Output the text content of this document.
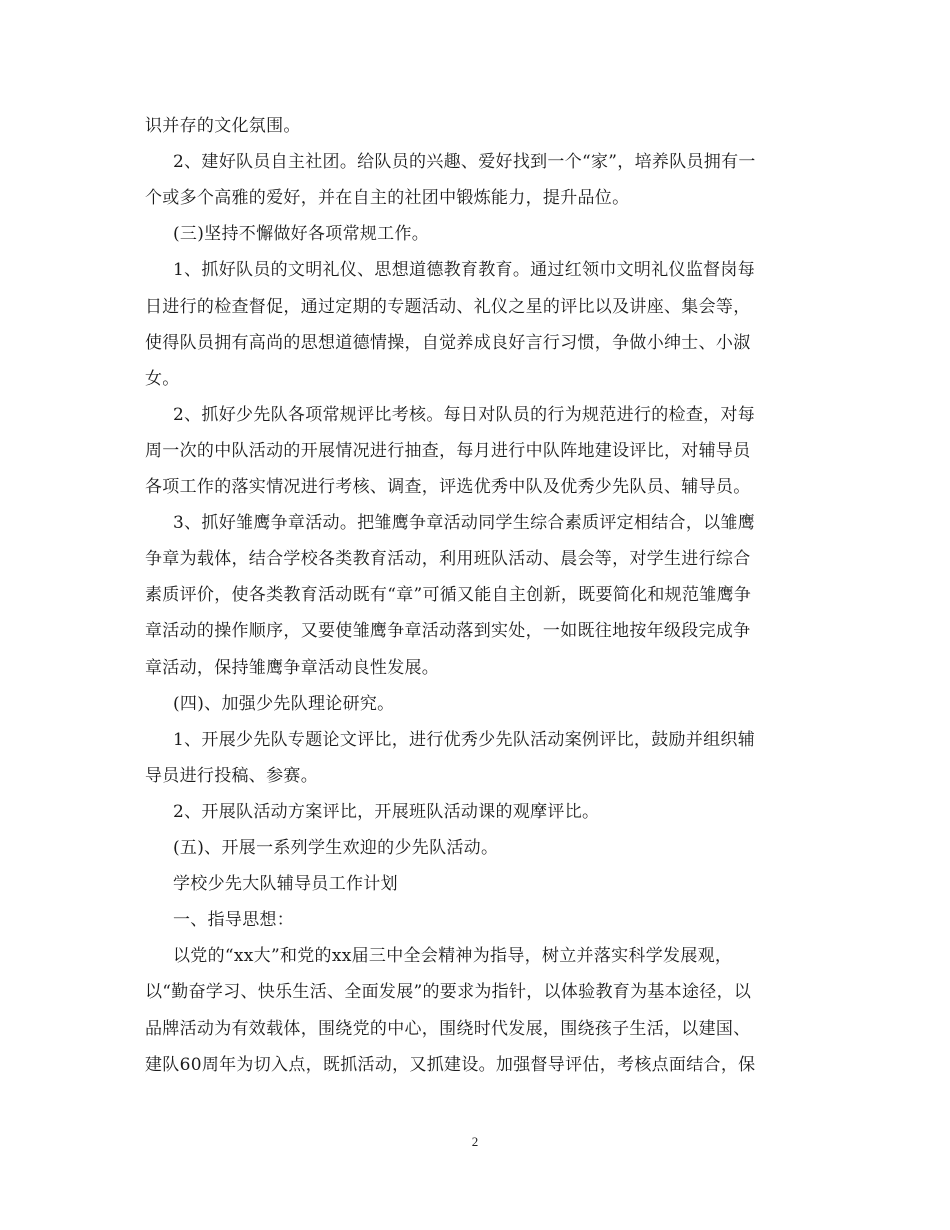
识并存的文化氛围。
2、建好队员自主社团。给队员的兴趣、爱好找到一个“家”，培养队员拥有一
个或多个高雅的爱好，并在自主的社团中锻炼能力，提升品位。
(三)坚持不懈做好各项常规工作。
1、抓好队员的文明礼仪、思想道德教育教育。通过红领巾文明礼仪监督岗每
日进行的检查督促，通过定期的专题活动、礼仪之星的评比以及讲座、集会等，
使得队员拥有高尚的思想道德情操，自觉养成良好言行习惯，争做小绅士、小淑
女。
2、抓好少先队各项常规评比考核。每日对队员的行为规范进行的检查，对每
周一次的中队活动的开展情况进行抽查，每月进行中队阵地建设评比，对辅导员
各项工作的落实情况进行考核、调查，评选优秀中队及优秀少先队员、辅导员。
3、抓好雏鹰争章活动。把雏鹰争章活动同学生综合素质评定相结合，以雏鹰
争章为载体，结合学校各类教育活动，利用班队活动、晨会等，对学生进行综合
素质评价，使各类教育活动既有“章”可循又能自主创新，既要简化和规范雏鹰争
章活动的操作顺序，又要使雏鹰争章活动落到实处，一如既往地按年级段完成争
章活动，保持雏鹰争章活动良性发展。
(四)、加强少先队理论研究。
1、开展少先队专题论文评比，进行优秀少先队活动案例评比，鼓励并组织辅
导员进行投稿、参赛。
2、开展队活动方案评比，开展班队活动课的观摩评比。
(五)、开展一系列学生欢迎的少先队活动。
学校少先大队辅导员工作计划
一、指导思想：
以党的“xx大”和党的xx届三中全会精神为指导，树立并落实科学发展观，
以“勤奋学习、快乐生活、全面发展”的要求为指针，以体验教育为基本途径，以
品牌活动为有效载体，围绕党的中心，围绕时代发展，围绕孩子生活，以建国、
建队60周年为切入点，既抓活动，又抓建设。加强督导评估，考核点面结合，保
2
